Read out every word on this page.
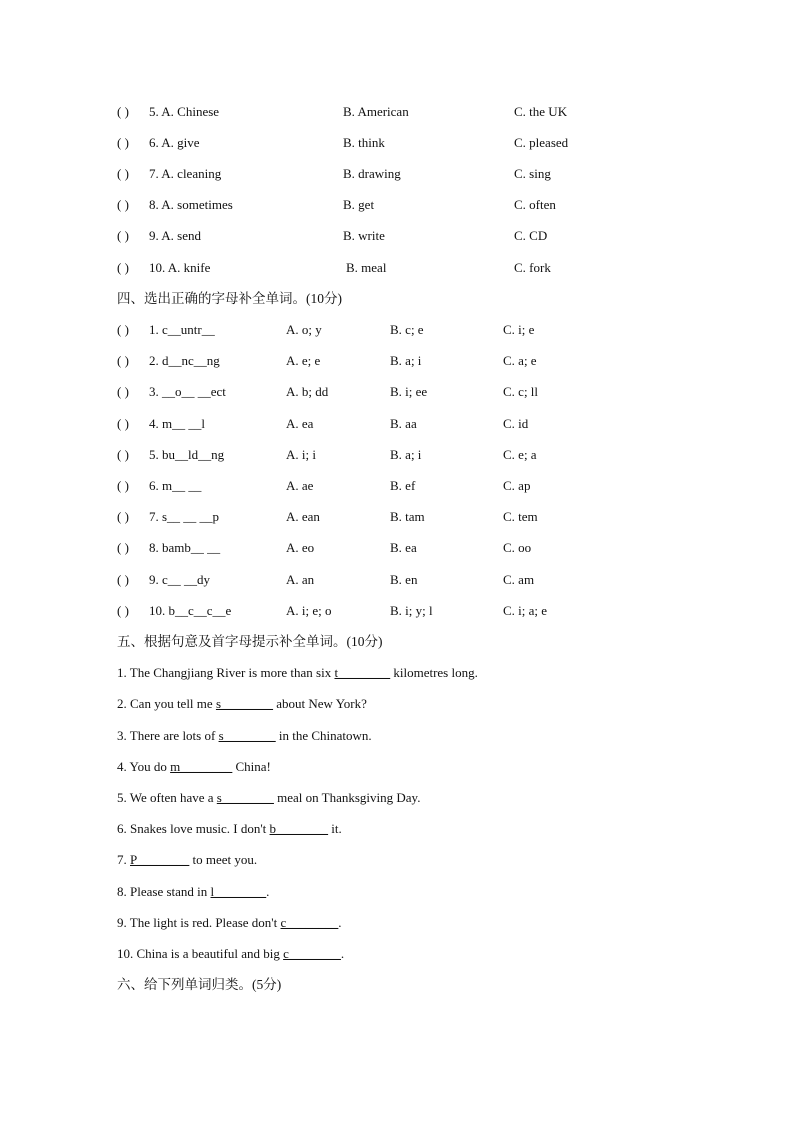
( ) 5. A. Chinese	B. American	C. the UK
( ) 6. A. give	B. think	C. pleased
( ) 7. A. cleaning	B. drawing	C. sing
( ) 8. A. sometimes	B. get	C. often
( ) 9. A. send	B. write	C. CD
( ) 10. A. knife	B. meal	C. fork
四、选出正确的字母补全单词。(10分)
( ) 1. c__untr__	A. o; y	B. c; e	C. i; e
( ) 2. d__nc__ng	A. e; e	B. a; i	C. a; e
( ) 3. __o__ __ect	A. b; dd	B. i; ee	C. c; ll
( ) 4. m__ __l	A. ea	B. aa	C. id
( ) 5. bu__ld__ng	A. i; i	B. a; i	C. e; a
( ) 6. m__ __	A. ae	B. ef	C. ap
( ) 7. s__ __ __p	A. ean	B. tam	C. tem
( ) 8. bamb__ __	A. eo	B. ea	C. oo
( ) 9. c__ __dy	A. an	B. en	C. am
( ) 10. b__c__c__e	A. i; e; o	B. i; y; l	C. i; a; e
五、根据句意及首字母提示补全单词。(10分)
1. The Changjiang River is more than six t________ kilometres long.
2. Can you tell me s________ about New York?
3. There are lots of s________ in the Chinatown.
4. You do m________ China!
5. We often have a s________ meal on Thanksgiving Day.
6. Snakes love music. I don't b________ it.
7. P________ to meet you.
8. Please stand in l________.
9. The light is red. Please don't c________.
10. China is a beautiful and big c________.
六、给下列单词归类。(5分)
